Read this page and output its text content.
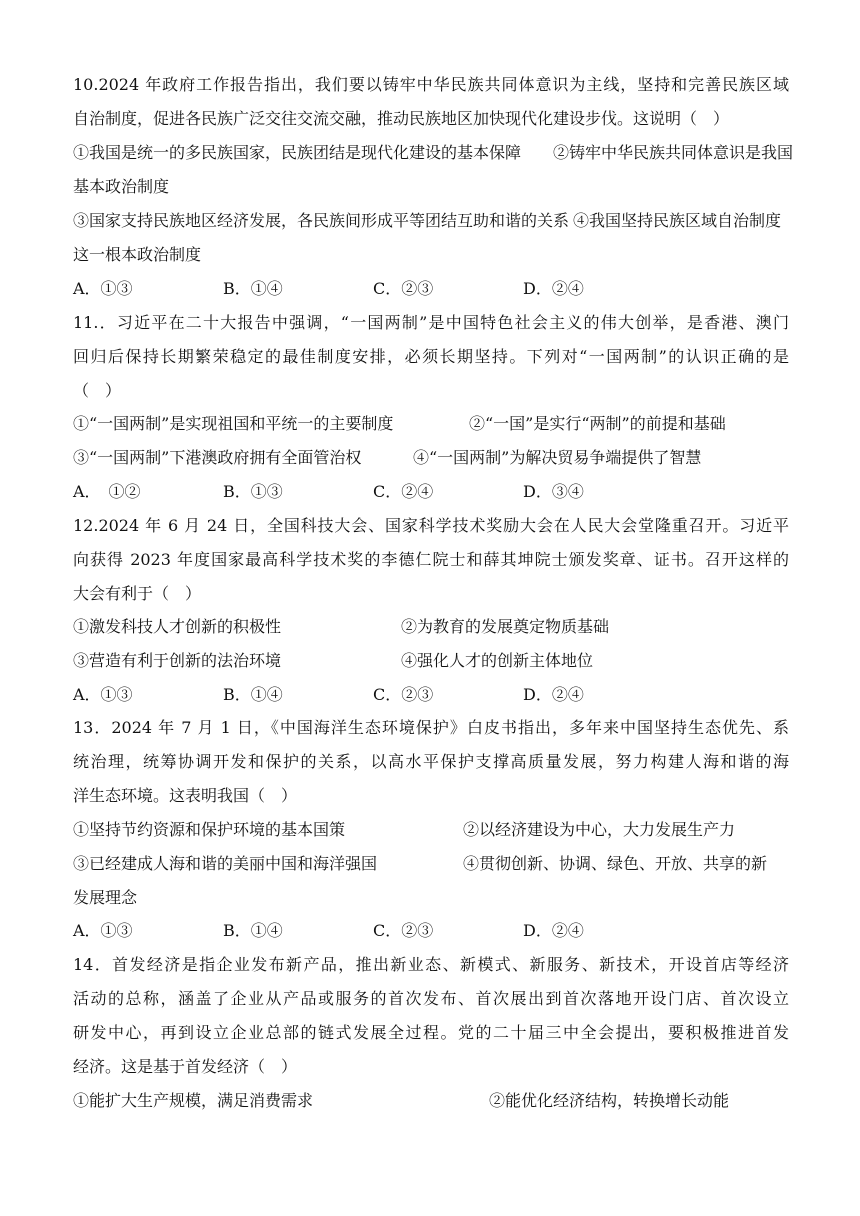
10.2024 年政府工作报告指出，我们要以铸牢中华民族共同体意识为主线，坚持和完善民族区域
自治制度，促进各民族广泛交往交流交融，推动民族地区加快现代化建设步伐。这说明（　）
①我国是统一的多民族国家，民族团结是现代化建设的基本保障 ②铸牢中华民族共同体意识是我国
基本政治制度
③国家支持民族地区经济发展，各民族间形成平等团结互助和谐的关系 ④我国坚持民族区域自治制度
这一根本政治制度
A．①③	B．①④	C．②③	D．②④
11.．习近平在二十大报告中强调，“一国两制”是中国特色社会主义的伟大创举，是香港、澳门
回归后保持长期繁荣稳定的最佳制度安排，必须长期坚持。下列对“一国两制”的认识正确的是
（　）
①“一国两制”是实现祖国和平统一的主要制度	②“一国”是实行“两制”的前提和基础
③“一国两制”下港澳政府拥有全面管治权	④“一国两制”为解决贸易争端提供了智慧
A．　①②	B．①③	C．②④	D．③④
12.2024 年 6 月 24 日，全国科技大会、国家科学技术奖励大会在人民大会堂隆重召开。习近平
向获得 2023 年度国家最高科学技术奖的李德仁院士和薛其坤院士颁发奖章、证书。召开这样的
大会有利于（　）
①激发科技人才创新的积极性	②为教育的发展奠定物质基础
③营造有利于创新的法治环境	④强化人才的创新主体地位
A．①③	B．①④	C．②③	D．②④
13．2024 年 7 月 1 日，《中国海洋生态环境保护》白皮书指出，多年来中国坚持生态优先、系
统治理，统筹协调开发和保护的关系，以高水平保护支撑高质量发展，努力构建人海和谐的海
洋生态环境。这表明我国（　）
①坚持节约资源和保护环境的基本国策	②以经济建设为中心，大力发展生产力
③已经建成人海和谐的美丽中国和海洋强国	④贯彻创新、协调、绿色、开放、共享的新
发展理念
A．①③	B．①④	C．②③	D．②④
14．首发经济是指企业发布新产品，推出新业态、新模式、新服务、新技术，开设首店等经济
活动的总称，涵盖了企业从产品或服务的首次发布、首次展出到首次落地开设门店、首次设立
研发中心，再到设立企业总部的链式发展全过程。党的二十届三中全会提出，要积极推进首发
经济。这是基于首发经济（　）
①能扩大生产规模，满足消费需求	②能优化经济结构，转换增长动能
